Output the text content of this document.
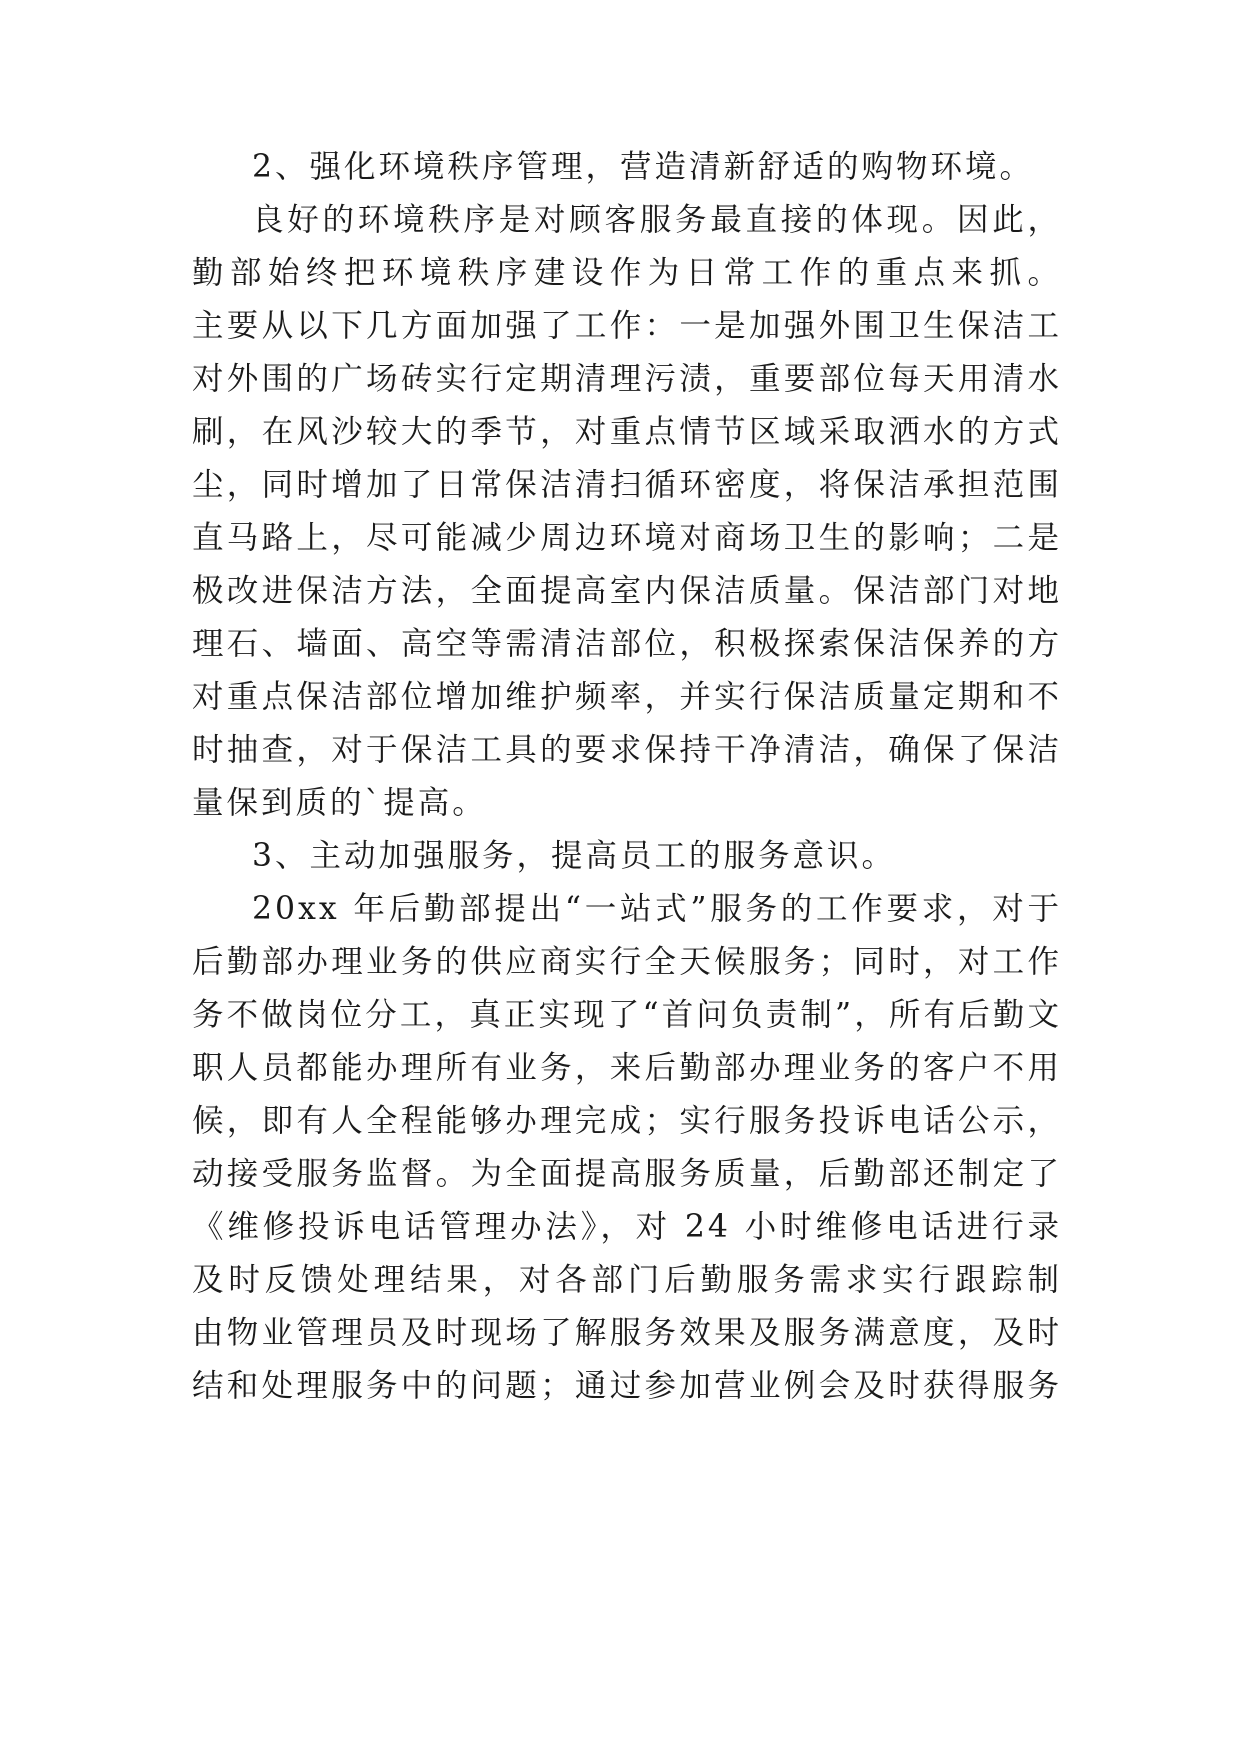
2、强化环境秩序管理，营造清新舒适的购物环境。
良好的环境秩序是对顾客服务最直接的体现。因此，
勤部始终把环境秩序建设作为日常工作的重点来抓。
主要从以下几方面加强了工作：一是加强外围卫生保洁工
对外围的广场砖实行定期清理污渍，重要部位每天用清水
刷，在风沙较大的季节，对重点情节区域采取洒水的方式
尘，同时增加了日常保洁清扫循环密度，将保洁承担范围
直马路上，尽可能减少周边环境对商场卫生的影响；二是
极改进保洁方法，全面提高室内保洁质量。保洁部门对地
理石、墙面、高空等需清洁部位，积极探索保洁保养的方
对重点保洁部位增加维护频率，并实行保洁质量定期和不
时抽查，对于保洁工具的要求保持干净清洁，确保了保洁
量保到质的`提高。
3、主动加强服务，提高员工的服务意识。
20xx 年后勤部提出“一站式”服务的工作要求，对于
后勤部办理业务的供应商实行全天候服务；同时，对工作
务不做岗位分工，真正实现了“首问负责制”，所有后勤文
职人员都能办理所有业务，来后勤部办理业务的客户不用
候，即有人全程能够办理完成；实行服务投诉电话公示，
动接受服务监督。为全面提高服务质量，后勤部还制定了
《维修投诉电话管理办法》，对 24 小时维修电话进行录
及时反馈处理结果，对各部门后勤服务需求实行跟踪制
由物业管理员及时现场了解服务效果及服务满意度，及时
结和处理服务中的问题；通过参加营业例会及时获得服务
